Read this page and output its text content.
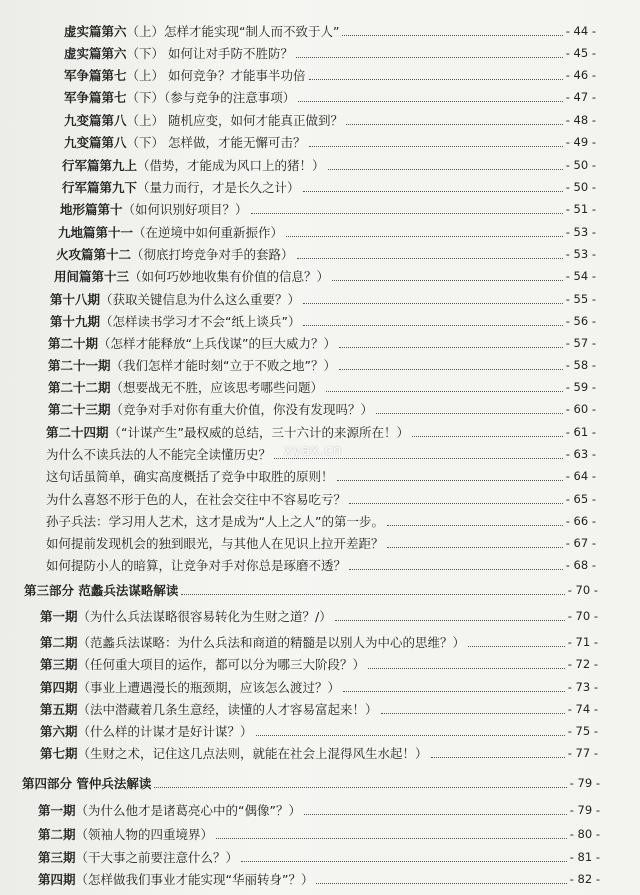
虚实篇第六（上）怎样才能实现“制人而不致于人”	- 44 -
虚实篇第六（下） 如何让对手防不胜防？	- 45 -
军争篇第七（上） 如何竞争？才能事半功倍	- 46 -
军争篇第七（下）（参与竞争的注意事项）	- 47 -
九变篇第八（上） 随机应变，如何才能真正做到？	- 48 -
九变篇第八（下） 怎样做，才能无懈可击？	- 49 -
行军篇第九上（借势，才能成为风口上的猪！）	- 50 -
行军篇第九下（量力而行，才是长久之计）	- 50 -
地形篇第十（如何识别好项目？）	- 51 -
九地篇第十一（在逆境中如何重新振作）	- 53 -
火攻篇第十二（彻底打垮竞争对手的套路）	- 53 -
用间篇第十三（如何巧妙地收集有价值的信息？）	- 54 -
第十八期（获取关键信息为什么这么重要？）	- 55 -
第十九期（怎样读书学习才不会“纸上谈兵”）	- 56 -
第二十期（怎样才能释放“上兵伐谋”的巨大威力？）	- 57 -
第二十一期（我们怎样才能时刻“立于不败之地”？）	- 58 -
第二十二期（想要战无不胜，应该思考哪些问题）	- 59 -
第二十三期（竞争对手对你有重大价值，你没有发现吗？）	- 60 -
第二十四期（“计谋产生”最权威的总结，三十六计的来源所在！）	- 61 -
为什么不读兵法的人不能完全读懂历史？	- 63 -
这句话虽简单，确实高度概括了竞争中取胜的原则！	- 64 -
为什么喜怒不形于色的人，在社会交往中不容易吃亏？	- 65 -
孙子兵法：学习用人艺术，这才是成为“人上之人”的第一步。	- 66 -
如何提前发现机会的独到眼光，与其他人在见识上拉开差距？	- 67 -
如何提防小人的暗算，让竞争对手对你总是琢磨不透？	- 68 -
第三部分 范蠡兵法谋略解读	- 70 -
第一期（为什么兵法谋略很容易转化为生财之道？/）	- 70 -
第二期（范蠡兵法谋略：为什么兵法和商道的精髓是以别人为中心的思维？）	- 71 -
第三期（任何重大项目的运作，都可以分为哪三大阶段？）	- 72 -
第四期（事业上遭遇漫长的瓶颈期，应该怎么渡过？）	- 73 -
第五期（法中潜藏着几条生意经，读懂的人才容易富起来！）	- 74 -
第六期（什么样的计谋才是好计谋？）	- 75 -
第七期（生财之术，记住这几点法则，就能在社会上混得风生水起！）	- 77 -
第四部分 管仲兵法解读	- 79 -
第一期（为什么他才是诸葛亮心中的“偶像”？）	- 79 -
第二期（领袖人物的四重境界）	- 80 -
第三期（干大事之前要注意什么？）	- 81 -
第四期（怎样做我们事业才能实现“华丽转身”？）	- 82 -
xyax.cn
